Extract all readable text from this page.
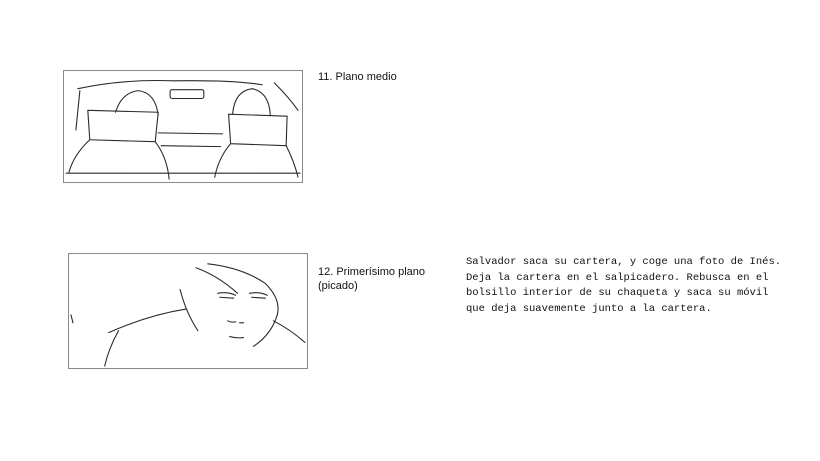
11. Plano medio
12. Primerísimo plano (picado)

Salvador saca su cartera, y coge una foto de Inés. Deja la cartera en el salpicadero. Rebusca en el bolsillo interior de su chaqueta y saca su móvil que deja suavemente junto a la cartera.
